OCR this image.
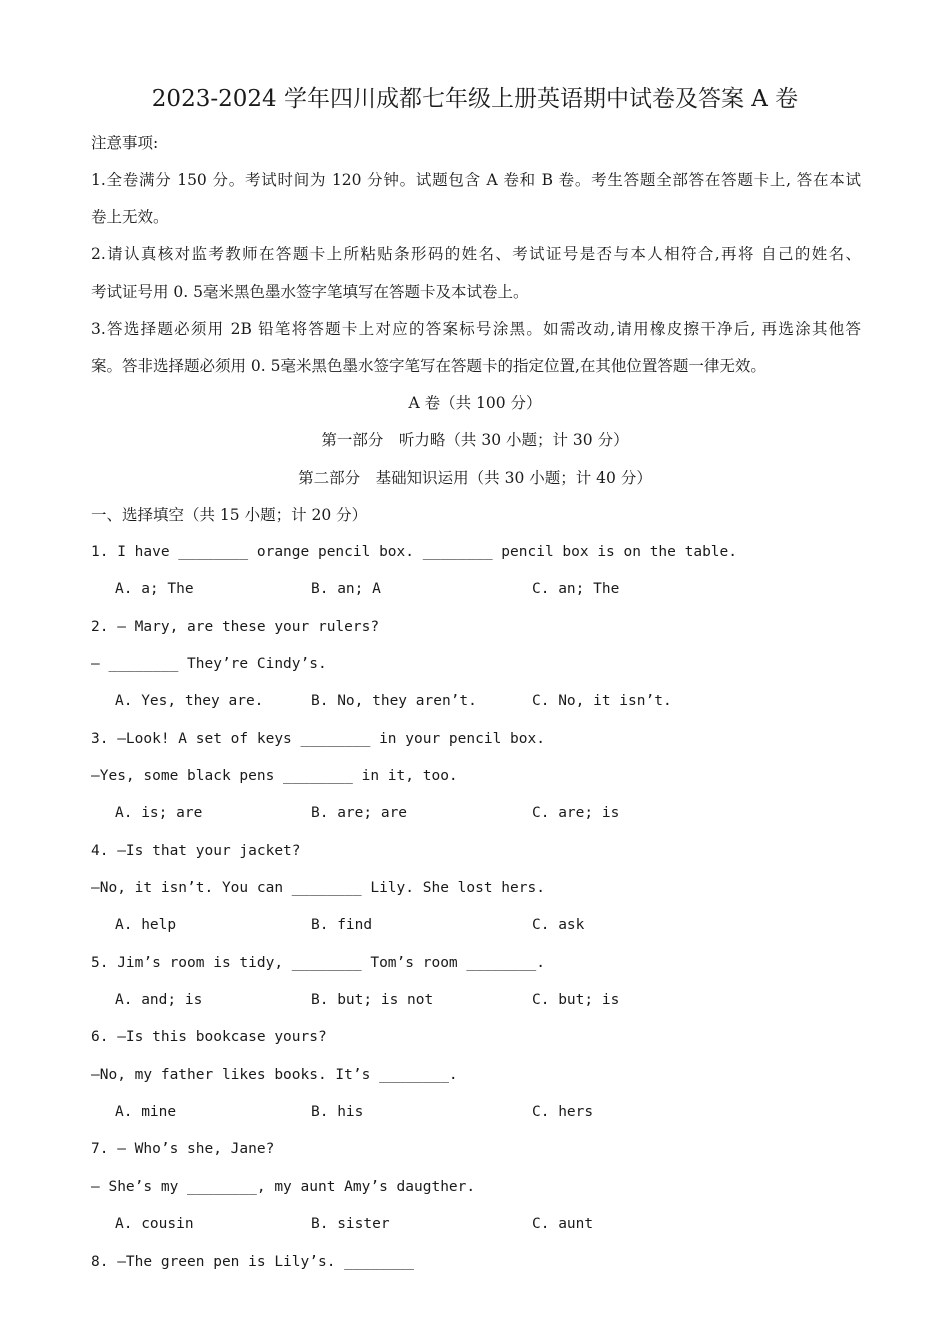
2023-2024 学年四川成都七年级上册英语期中试卷及答案 A 卷
注意事项:
1.全卷满分 150 分。考试时间为 120 分钟。试题包含 A 卷和 B 卷。考生答题全部答在答题卡上, 答在本试
卷上无效。
2.请认真核对监考教师在答题卡上所粘贴条形码的姓名、考试证号是否与本人相符合,再将 自己的姓名、
考试证号用 0. 5毫米黑色墨水签字笔填写在答题卡及本试卷上。
3.答选择题必须用 2B 铅笔将答题卡上对应的答案标号涂黑。如需改动,请用橡皮擦干净后, 再选涂其他答
案。答非选择题必须用 0. 5毫米黑色墨水签字笔写在答题卡的指定位置,在其他位置答题一律无效。
A 卷（共 100 分）
第一部分　听力略（共 30 小题；计 30 分）
第二部分　基础知识运用（共 30 小题；计 40 分）
一、选择填空（共 15 小题；计 20 分）
1. I have ________ orange pencil box. ________ pencil box is on the table.
A. a; The	B. an; A	C. an; The
2. — Mary, are these your rulers?
— ________ They’re Cindy’s.
A. Yes, they are.	B. No, they aren’t.	C. No, it isn’t.
3. —Look! A set of keys ________ in your pencil box.
—Yes, some black pens ________ in it, too.
A. is; are	B. are; are	C. are; is
4. —Is that your jacket?
—No, it isn’t. You can ________ Lily. She lost hers.
A. help	B. find	C. ask
5. Jim’s room is tidy, ________ Tom’s room ________.
A. and; is	B. but; is not	C. but; is
6. —Is this bookcase yours?
—No, my father likes books. It’s ________.
A. mine	B. his	C. hers
7. — Who’s she, Jane?
— She’s my ________, my aunt Amy’s daugther.
A. cousin	B. sister	C. aunt
8. —The green pen is Lily’s. ________
